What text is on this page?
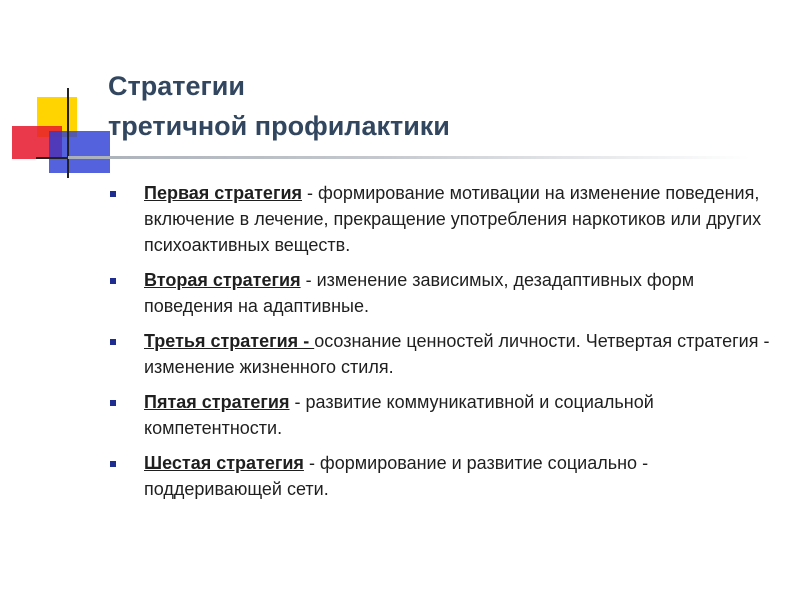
Стратегии
третичной профилактики
Первая стратегия - формирование мотивации на изменение поведения, включение в лечение, прекращение употребления наркотиков или других психоактивных веществ.
Вторая стратегия - изменение зависимых, дезадаптивных форм поведения на адаптивные.
Третья стратегия - осознание ценностей личности. Четвертая стратегия - изменение жизненного стиля.
Пятая стратегия - развитие коммуникативной и социальной компетентности.
Шестая стратегия - формирование и развитие социально - поддеривающей сети.
